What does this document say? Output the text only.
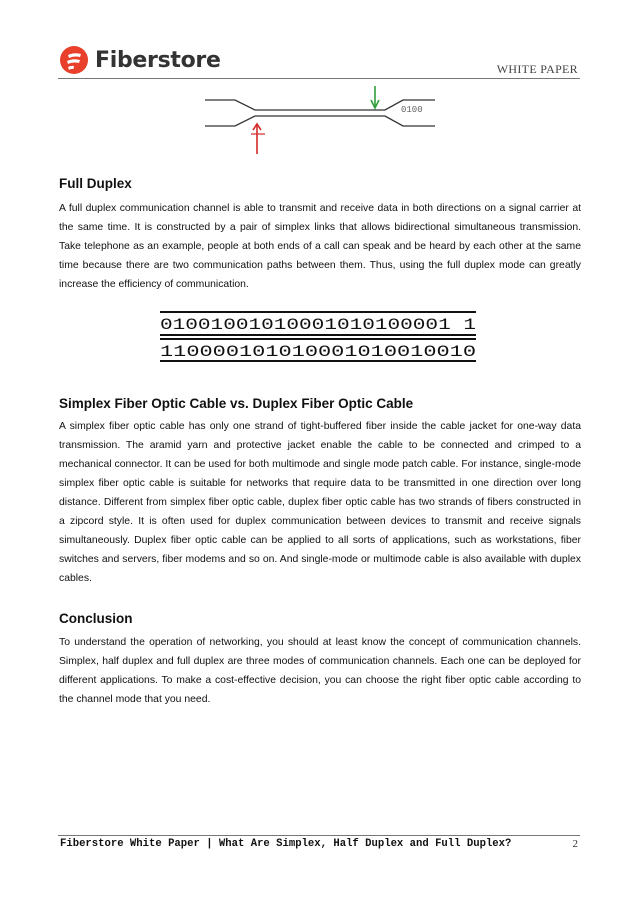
Fiberstore	WHITE PAPER
0100
Full Duplex
A full duplex communication channel is able to transmit and receive data in both directions on a signal carrier at the same time. It is constructed by a pair of simplex links that allows bidirectional simultaneous transmission. Take telephone as an example, people at both ends of a call can speak and be heard by each other at the same time because there are two communication paths between them. Thus, using the full duplex mode can greatly increase the efficiency of communication.
01001001010001010100001 1
110000101010001010010010
Simplex Fiber Optic Cable vs. Duplex Fiber Optic Cable
A simplex fiber optic cable has only one strand of tight-buffered fiber inside the cable jacket for one-way data transmission. The aramid yarn and protective jacket enable the cable to be connected and crimped to a mechanical connector. It can be used for both multimode and single mode patch cable. For instance, single-mode simplex fiber optic cable is suitable for networks that require data to be transmitted in one direction over long distance. Different from simplex fiber optic cable, duplex fiber optic cable has two strands of fibers constructed in a zipcord style. It is often used for duplex communication between devices to transmit and receive signals simultaneously. Duplex fiber optic cable can be applied to all sorts of applications, such as workstations, fiber switches and servers, fiber modems and so on. And single-mode or multimode cable is also available with duplex cables.
Conclusion
To understand the operation of networking, you should at least know the concept of communication channels. Simplex, half duplex and full duplex are three modes of communication channels. Each one can be deployed for different applications. To make a cost-effective decision, you can choose the right fiber optic cable according to the channel mode that you need.
Fiberstore White Paper | What Are Simplex, Half Duplex and Full Duplex?	2
